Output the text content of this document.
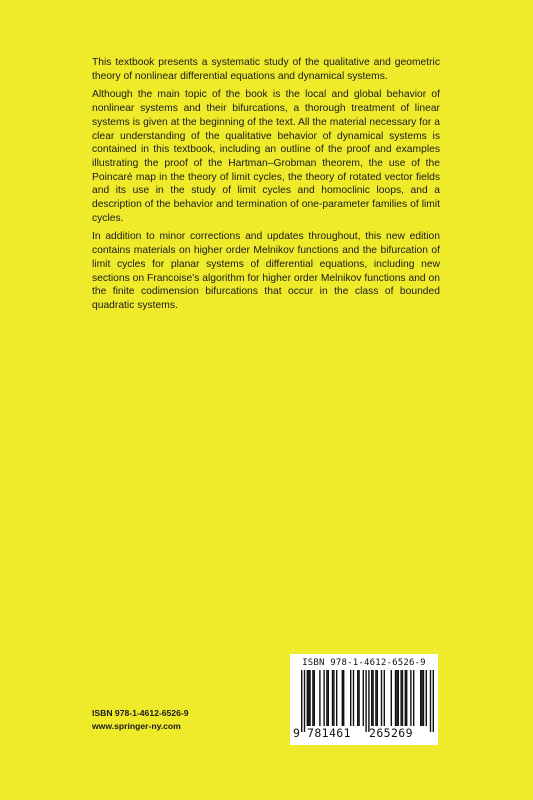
This textbook presents a systematic study of the qualitative and geometric theory of nonlinear differential equations and dynamical systems.

Although the main topic of the book is the local and global behavior of nonlinear systems and their bifurcations, a thorough treatment of linear systems is given at the beginning of the text. All the material necessary for a clear understanding of the qualitative behavior of dynamical systems is contained in this textbook, including an outline of the proof and examples illustrating the proof of the Hartman–Grobman theorem, the use of the Poincaré map in the theory of limit cycles, the theory of rotated vector fields and its use in the study of limit cycles and homoclinic loops, and a description of the behavior and termination of one-parameter families of limit cycles.

In addition to minor corrections and updates throughout, this new edition contains materials on higher order Melnikov functions and the bifurcation of limit cycles for planar systems of differential equations, including new sections on Francoise's algorithm for higher order Melnikov functions and on the finite codimension bifurcations that occur in the class of bounded quadratic systems.

ISBN 978-1-4612-6526-9
9 781461 265269
ISBN 978-1-4612-6526-9
www.springer-ny.com
